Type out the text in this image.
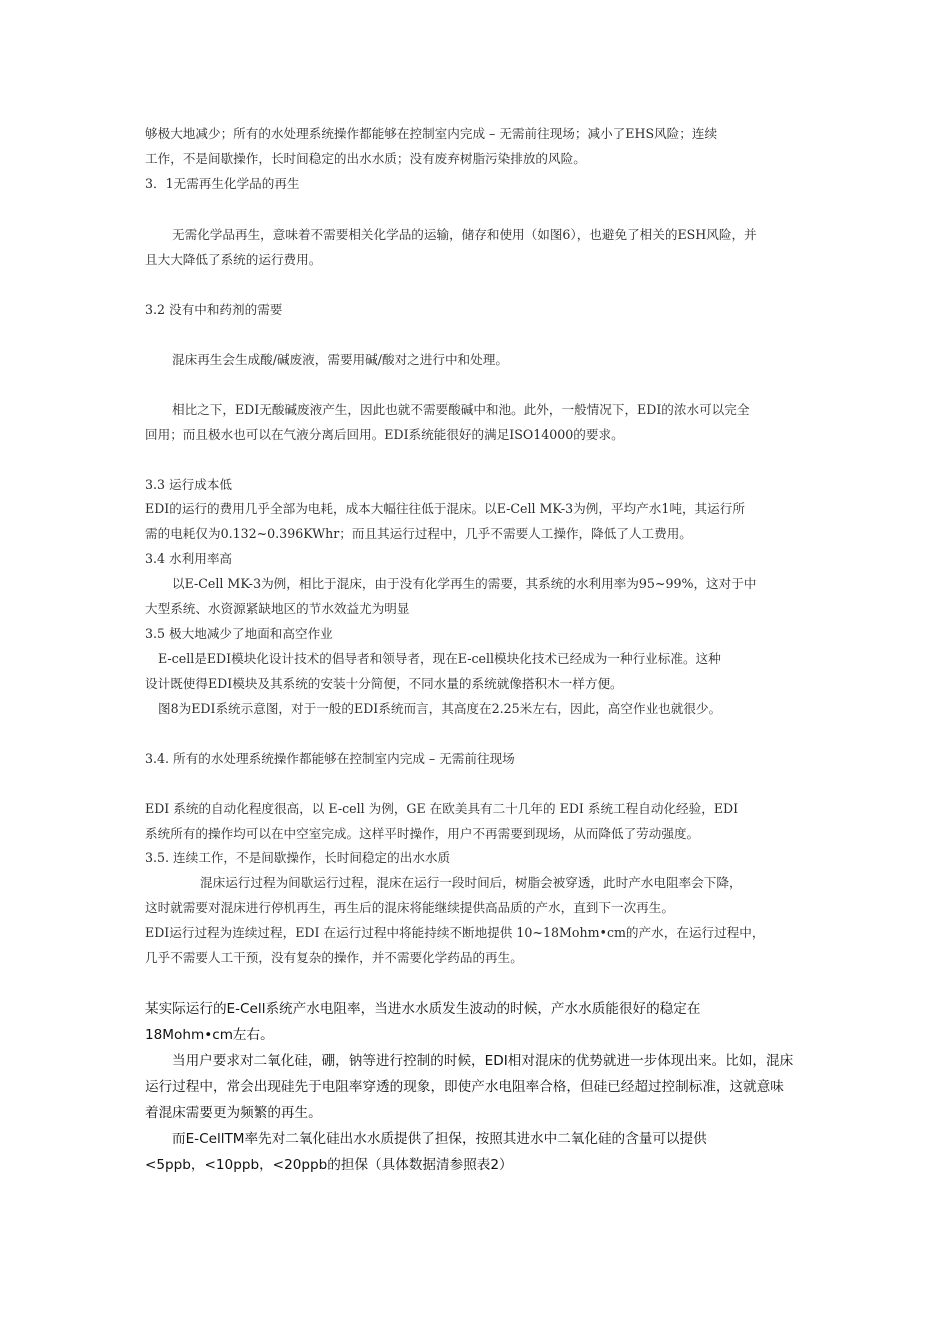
够极大地减少；所有的水处理系统操作都能够在控制室内完成 – 无需前往现场；减小了EHS风险；连续

工作，不是间歇操作，长时间稳定的出水水质；没有废弃树脂污染排放的风险。

3．1无需再生化学品的再生

无需化学品再生，意味着不需要相关化学品的运输，储存和使用（如图6），也避免了相关的ESH风险，并

且大大降低了系统的运行费用。

3.2 没有中和药剂的需要

混床再生会生成酸/碱废液，需要用碱/酸对之进行中和处理。

相比之下，EDI无酸碱废液产生，因此也就不需要酸碱中和池。此外，一般情况下，EDI的浓水可以完全

回用；而且极水也可以在气液分离后回用。EDI系统能很好的满足ISO14000的要求。

3.3 运行成本低

EDI的运行的费用几乎全部为电耗，成本大幅往往低于混床。以E-Cell MK-3为例，平均产水1吨，其运行所

需的电耗仅为0.132~0.396KWhr；而且其运行过程中，几乎不需要人工操作，降低了人工费用。

3.4 水利用率高

以E-Cell MK-3为例，相比于混床，由于没有化学再生的需要，其系统的水利用率为95~99%，这对于中

大型系统、水资源紧缺地区的节水效益尤为明显

3.5 极大地减少了地面和高空作业

E-cell是EDI模块化设计技术的倡导者和领导者，现在E-cell模块化技术已经成为一种行业标准。这种

设计既使得EDI模块及其系统的安装十分简便，不同水量的系统就像搭积木一样方便。

图8为EDI系统示意图，对于一般的EDI系统而言，其高度在2.25米左右，因此，高空作业也就很少。

3.4. 所有的水处理系统操作都能够在控制室内完成 – 无需前往现场

EDI 系统的自动化程度很高，以 E-cell 为例，GE 在欧美具有二十几年的 EDI 系统工程自动化经验，EDI

系统所有的操作均可以在中空室完成。这样平时操作，用户不再需要到现场，从而降低了劳动强度。

3.5. 连续工作，不是间歇操作，长时间稳定的出水水质

混床运行过程为间歇运行过程，混床在运行一段时间后，树脂会被穿透，此时产水电阻率会下降，

这时就需要对混床进行停机再生，再生后的混床将能继续提供高品质的产水，直到下一次再生。

EDI运行过程为连续过程，EDI 在运行过程中将能持续不断地提供 10~18Mohm•cm的产水，在运行过程中，

几乎不需要人工干预，没有复杂的操作，并不需要化学药品的再生。

某实际运行的E-Cell系统产水电阻率，当进水水质发生波动的时候，产水水质能很好的稳定在

18Mohm•cm左右。

当用户要求对二氧化硅，硼，钠等进行控制的时候，EDI相对混床的优势就进一步体现出来。比如，混床

运行过程中，常会出现硅先于电阻率穿透的现象，即使产水电阻率合格，但硅已经超过控制标准，这就意味

着混床需要更为频繁的再生。

而E-CellTM率先对二氧化硅出水水质提供了担保，按照其进水中二氧化硅的含量可以提供

<5ppb，<10ppb，<20ppb的担保（具体数据清参照表2）
